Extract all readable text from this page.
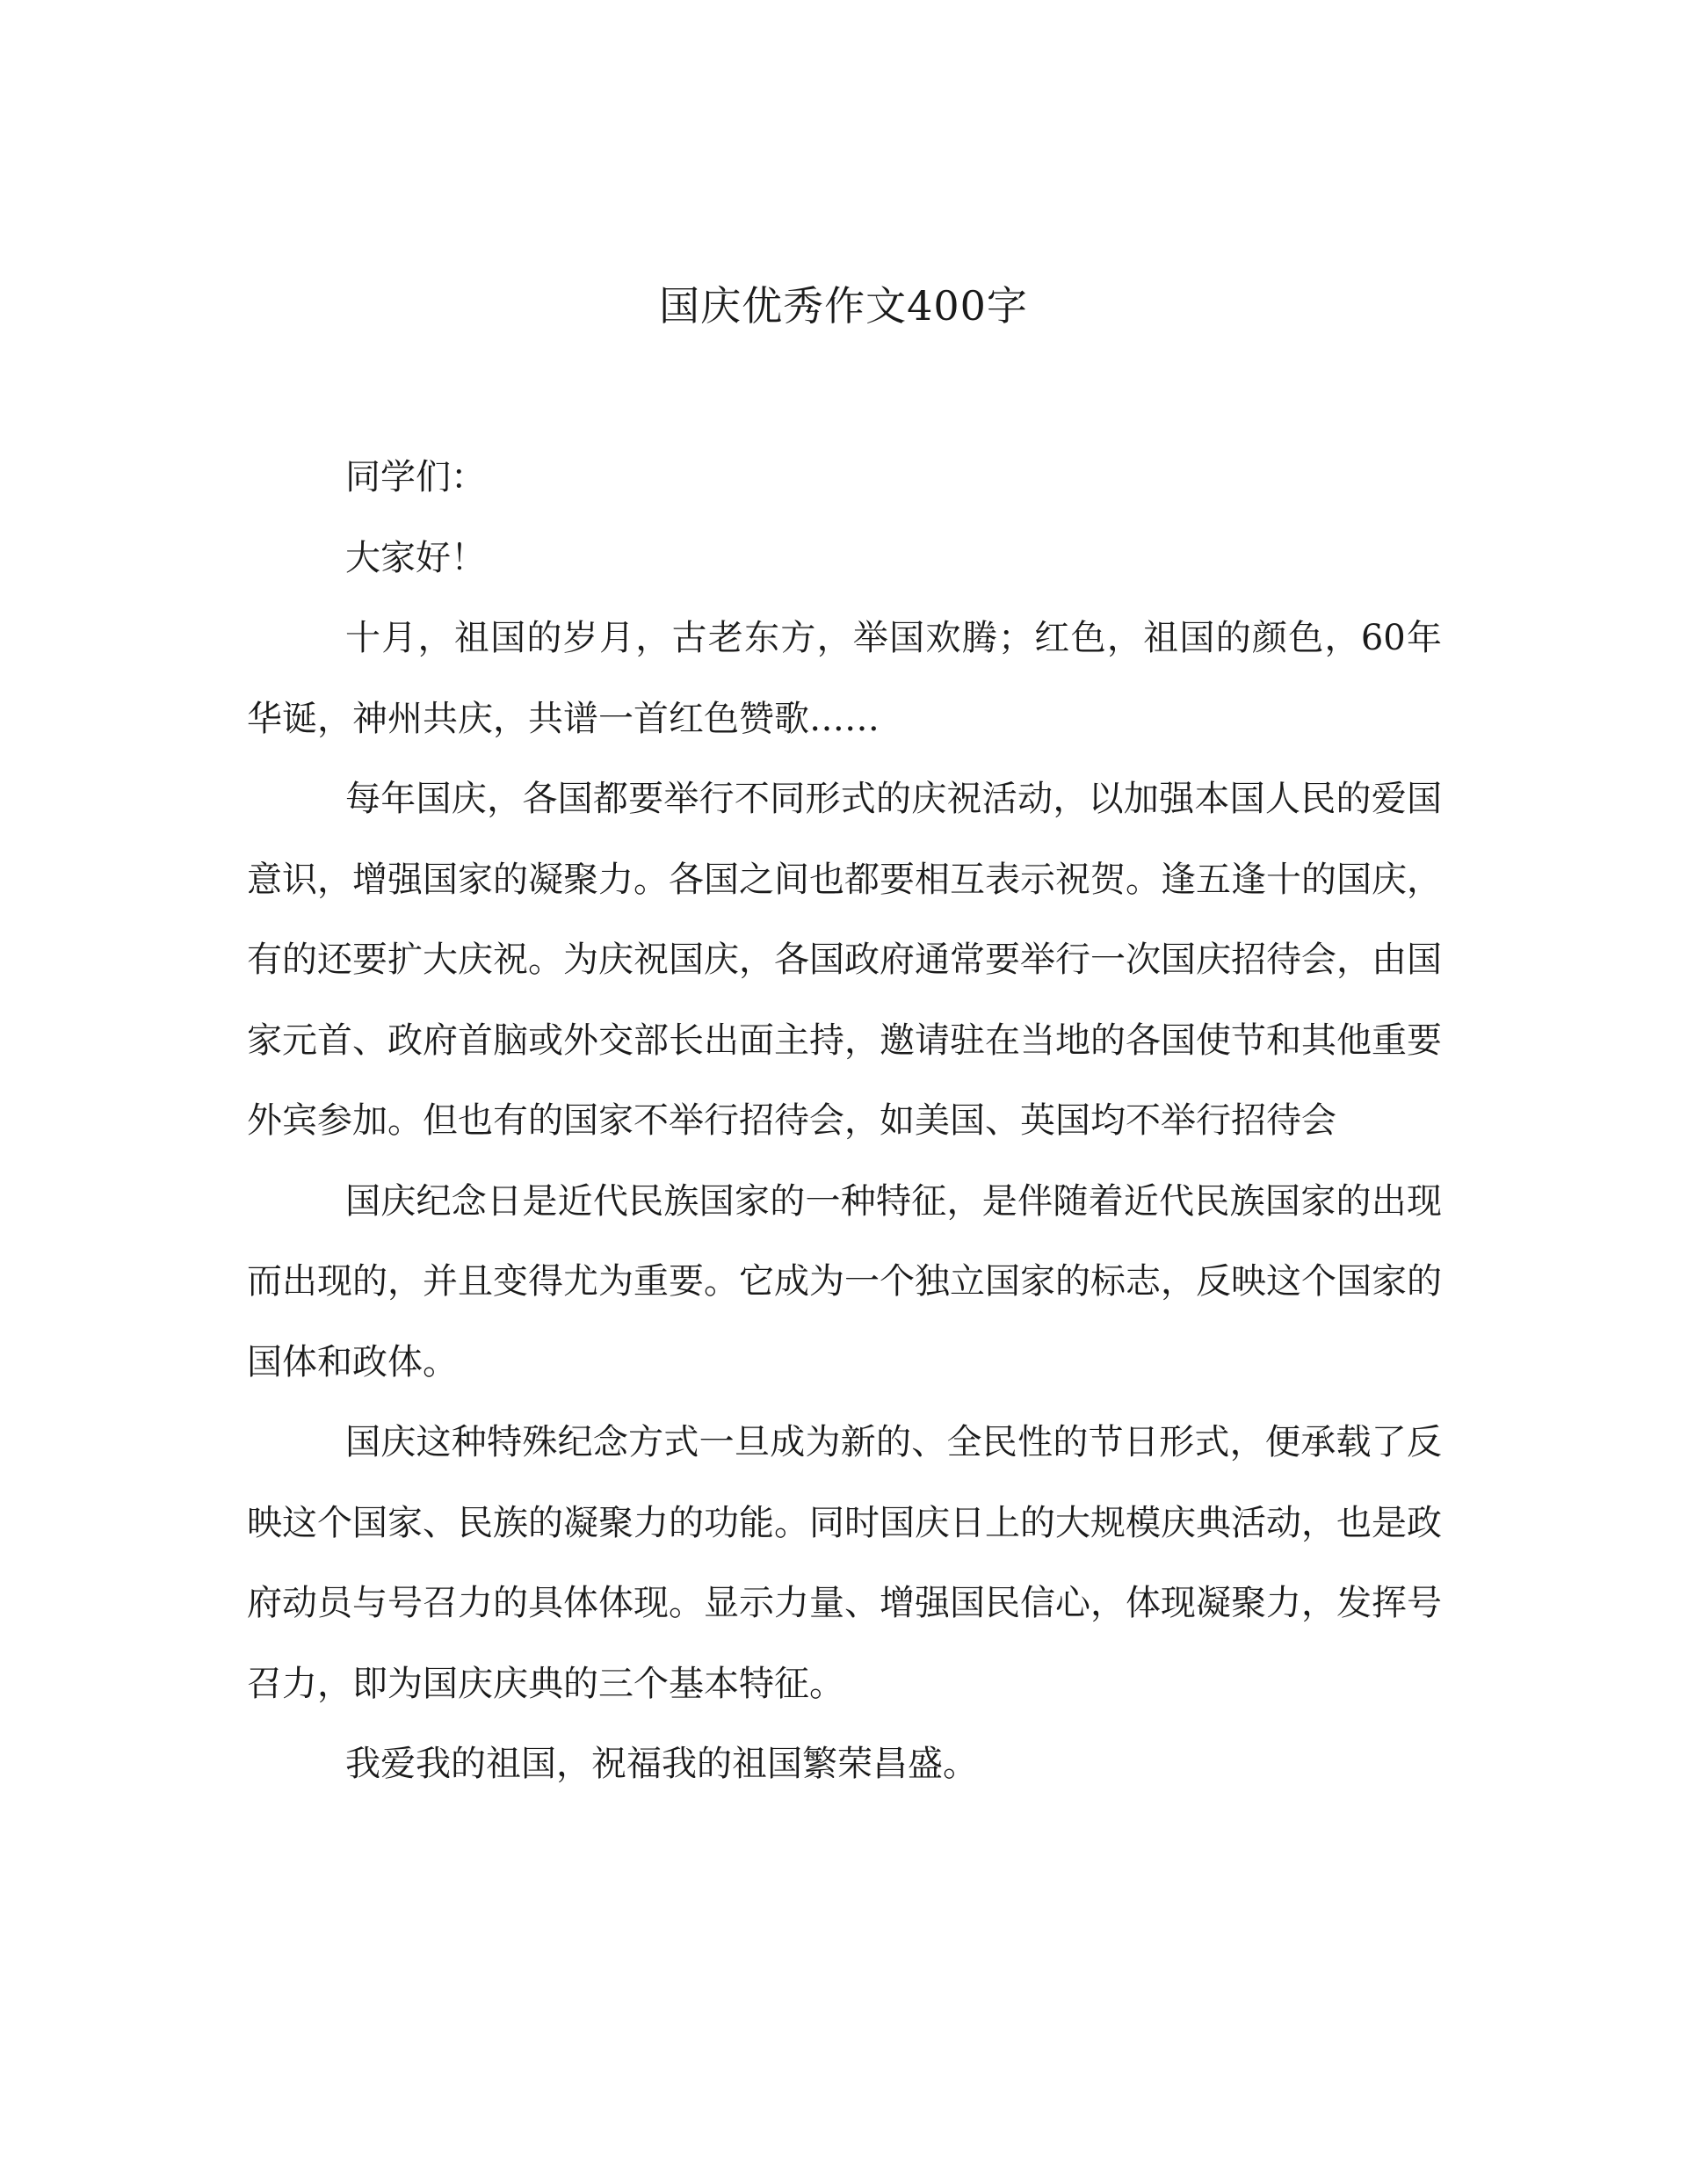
国庆优秀作文400字

同学们：

大家好！

十月，祖国的岁月，古老东方，举国欢腾；红色，祖国的颜色，60年华诞，神州共庆，共谱一首红色赞歌……

每年国庆，各国都要举行不同形式的庆祝活动，以加强本国人民的爱国意识，增强国家的凝聚力。各国之间也都要相互表示祝贺。逢五逢十的国庆，有的还要扩大庆祝。为庆祝国庆，各国政府通常要举行一次国庆招待会，由国家元首、政府首脑或外交部长出面主持，邀请驻在当地的各国使节和其他重要外宾参加。但也有的国家不举行招待会，如美国、英国均不举行招待会

国庆纪念日是近代民族国家的一种特征，是伴随着近代民族国家的出现而出现的，并且变得尤为重要。它成为一个独立国家的标志，反映这个国家的国体和政体。

国庆这种特殊纪念方式一旦成为新的、全民性的节日形式，便承载了反映这个国家、民族的凝聚力的功能。同时国庆日上的大规模庆典活动，也是政府动员与号召力的具体体现。显示力量、增强国民信心，体现凝聚力，发挥号召力，即为国庆庆典的三个基本特征。

我爱我的祖国，祝福我的祖国繁荣昌盛。
